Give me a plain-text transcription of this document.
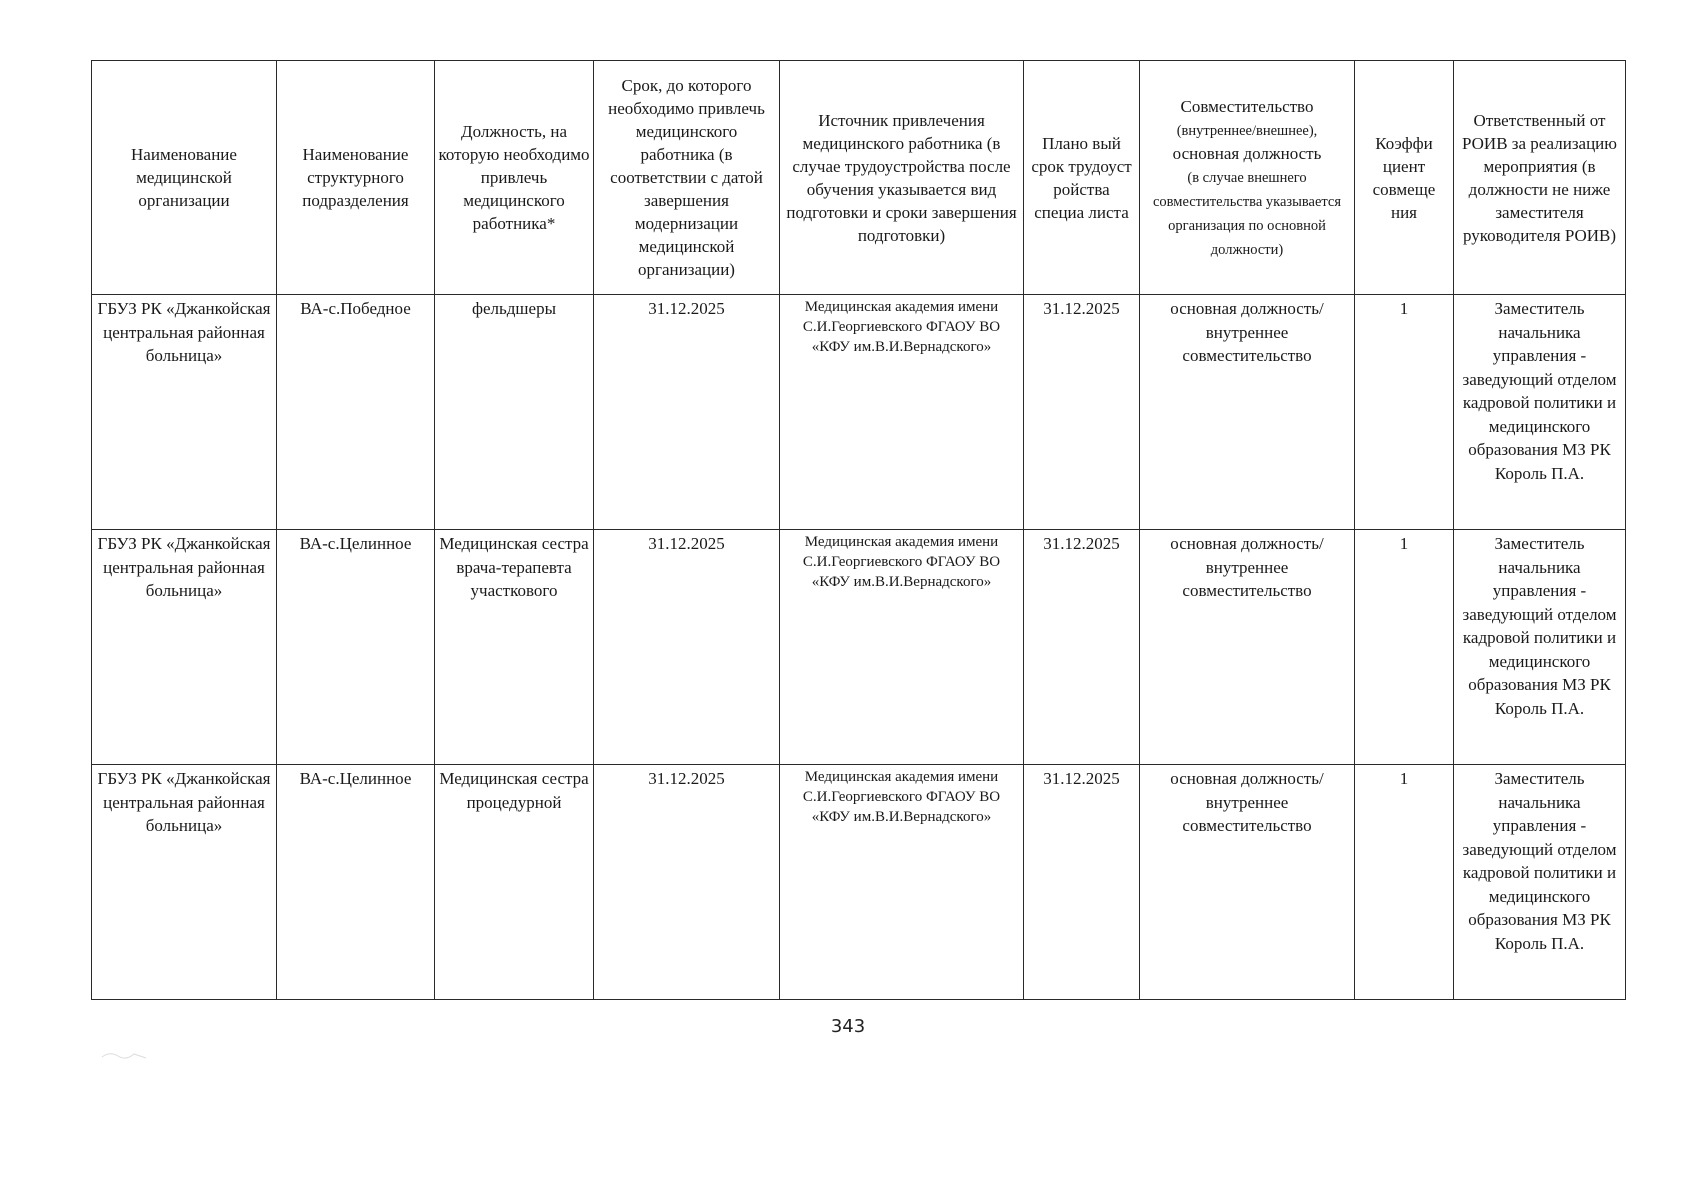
Наименование медицинской организации	Наименование структурного подразделения	Должность, на которую необходимо привлечь медицинского работника*	Срок, до которого необходимо привлечь медицинского работника (в соответствии с датой завершения модернизации медицинской организации)	Источник привлечения медицинского работника (в случае трудоустройства после обучения указывается вид подготовки и сроки завершения подготовки)	Плано вый срок трудоуст ройства специа листа	Совместительство
(внутреннее/внешнее),
основная должность
(в случае внешнего совместительства указывается организация по основной должности)	Коэффи циент совмеще ния	Ответственный от РОИВ за реализацию мероприятия (в должности не ниже заместителя руководителя РОИВ)
ГБУЗ РК «Джанкойская центральная районная больница»	ВА-с.Победное	фельдшеры	31.12.2025	Медицинская академия имени С.И.Георгиевского ФГАОУ ВО «КФУ им.В.И.Вернадского»	31.12.2025	основная должность/ внутреннее совместительство	1	Заместитель начальника управления - заведующий отделом кадровой политики и медицинского образования МЗ РК Король П.А.
ГБУЗ РК «Джанкойская центральная районная больница»	ВА-с.Целинное	Медицинская сестра врача-терапевта участкового	31.12.2025	Медицинская академия имени С.И.Георгиевского ФГАОУ ВО «КФУ им.В.И.Вернадского»	31.12.2025	основная должность/ внутреннее совместительство	1	Заместитель начальника управления - заведующий отделом кадровой политики и медицинского образования МЗ РК Король П.А.
ГБУЗ РК «Джанкойская центральная районная больница»	ВА-с.Целинное	Медицинская сестра процедурной	31.12.2025	Медицинская академия имени С.И.Георгиевского ФГАОУ ВО «КФУ им.В.И.Вернадского»	31.12.2025	основная должность/ внутреннее совместительство	1	Заместитель начальника управления - заведующий отделом кадровой политики и медицинского образования МЗ РК Король П.А.
343
